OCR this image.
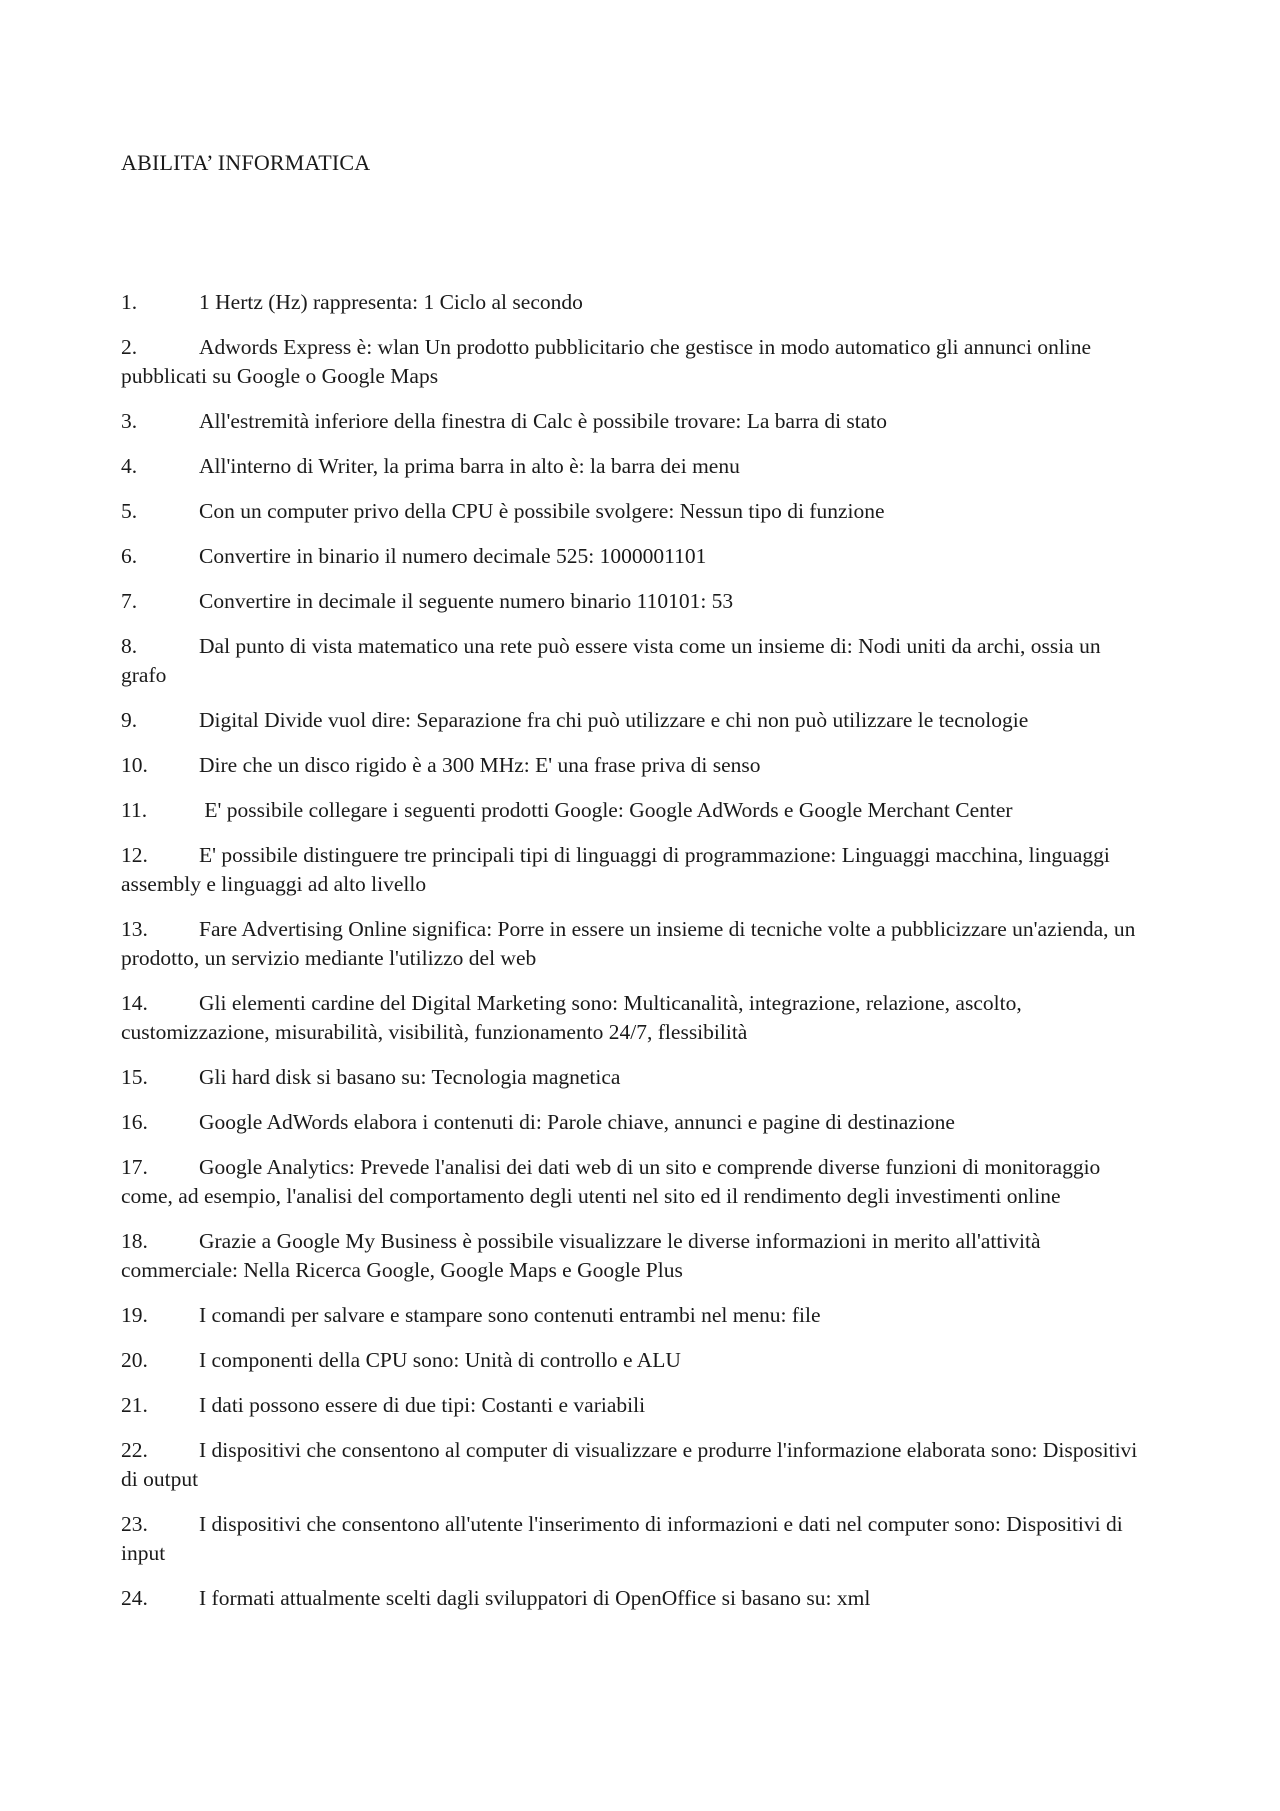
ABILITA’ INFORMATICA
1.	1 Hertz (Hz) rappresenta: 1 Ciclo al secondo
2.	Adwords Express è: wlan Un prodotto pubblicitario che gestisce in modo automatico gli annunci online pubblicati su Google o Google Maps
3.	All'estremità inferiore della finestra di Calc è possibile trovare: La barra di stato
4.	All'interno di Writer, la prima barra in alto è: la barra dei menu
5.	Con un computer privo della CPU è possibile svolgere: Nessun tipo di funzione
6.	Convertire in binario il numero decimale 525: 1000001101
7.	Convertire in decimale il seguente numero binario 110101: 53
8.	Dal punto di vista matematico una rete può essere vista come un insieme di: Nodi uniti da archi, ossia un grafo
9.	Digital Divide vuol dire: Separazione fra chi può utilizzare e chi non può utilizzare le tecnologie
10. Dire che un disco rigido è a 300 MHz: E' una frase priva di senso
11. E' possibile collegare i seguenti prodotti Google: Google AdWords e Google Merchant Center
12. E' possibile distinguere tre principali tipi di linguaggi di programmazione: Linguaggi macchina, linguaggi assembly e linguaggi ad alto livello
13. Fare Advertising Online significa: Porre in essere un insieme di tecniche volte a pubblicizzare un'azienda, un prodotto, un servizio mediante l'utilizzo del web
14. Gli elementi cardine del Digital Marketing sono: Multicanalità, integrazione, relazione, ascolto, customizzazione, misurabilità, visibilità, funzionamento 24/7, flessibilità
15. Gli hard disk si basano su: Tecnologia magnetica
16. Google AdWords elabora i contenuti di: Parole chiave, annunci e pagine di destinazione
17. Google Analytics: Prevede l'analisi dei dati web di un sito e comprende diverse funzioni di monitoraggio come, ad esempio, l'analisi del comportamento degli utenti nel sito ed il rendimento degli investimenti online
18. Grazie a Google My Business è possibile visualizzare le diverse informazioni in merito all'attività commerciale: Nella Ricerca Google, Google Maps e Google Plus
19. I comandi per salvare e stampare sono contenuti entrambi nel menu: file
20. I componenti della CPU sono: Unità di controllo e ALU
21. I dati possono essere di due tipi: Costanti e variabili
22. I dispositivi che consentono al computer di visualizzare e produrre l'informazione elaborata sono: Dispositivi di output
23. I dispositivi che consentono all'utente l'inserimento di informazioni e dati nel computer sono: Dispositivi di input
24. I formati attualmente scelti dagli sviluppatori di OpenOffice si basano su: xml
